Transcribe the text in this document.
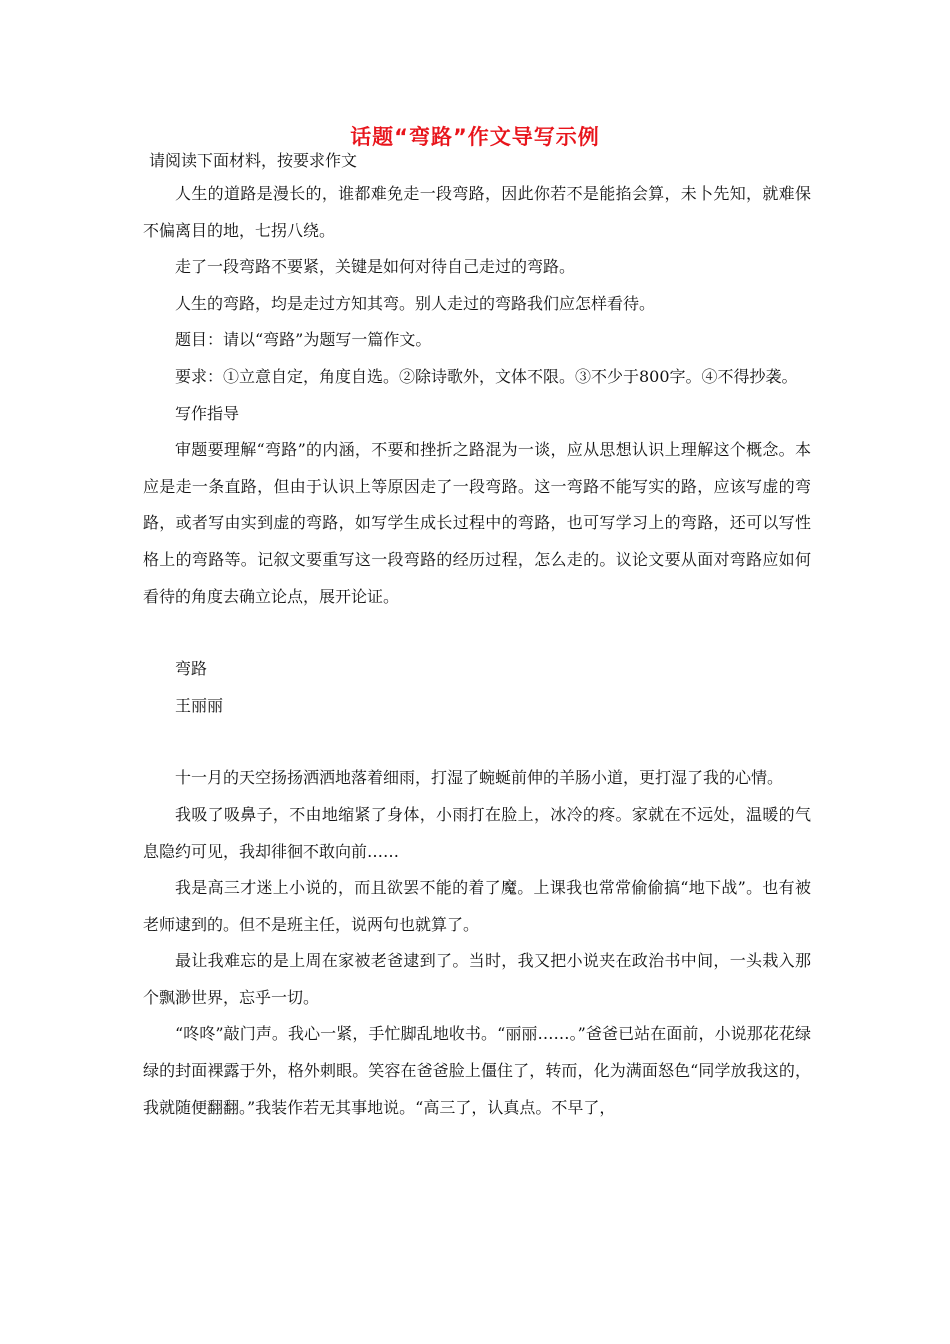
话题“弯路”作文导写示例

请阅读下面材料，按要求作文

人生的道路是漫长的，谁都难免走一段弯路，因此你若不是能掐会算，未卜先知，就难保不偏离目的地，七拐八绕。

走了一段弯路不要紧，关键是如何对待自己走过的弯路。

人生的弯路，均是走过方知其弯。别人走过的弯路我们应怎样看待。

题目：请以“弯路”为题写一篇作文。

要求：①立意自定，角度自选。②除诗歌外，文体不限。③不少于800字。④不得抄袭。

写作指导

审题要理解“弯路”的内涵，不要和挫折之路混为一谈，应从思想认识上理解这个概念。本应是走一条直路，但由于认识上等原因走了一段弯路。这一弯路不能写实的路，应该写虚的弯路，或者写由实到虚的弯路，如写学生成长过程中的弯路，也可写学习上的弯路，还可以写性格上的弯路等。记叙文要重写这一段弯路的经历过程，怎么走的。议论文要从面对弯路应如何看待的角度去确立论点，展开论证。

弯路

王丽丽

十一月的天空扬扬洒洒地落着细雨，打湿了蜿蜒前伸的羊肠小道，更打湿了我的心情。

我吸了吸鼻子，不由地缩紧了身体，小雨打在脸上，冰冷的疼。家就在不远处，温暖的气息隐约可见，我却徘徊不敢向前……

我是高三才迷上小说的，而且欲罢不能的着了魔。上课我也常常偷偷搞“地下战”。也有被老师逮到的。但不是班主任，说两句也就算了。

最让我难忘的是上周在家被老爸逮到了。当时，我又把小说夹在政治书中间，一头栽入那个飘渺世界，忘乎一切。

“咚咚”敲门声。我心一紧，手忙脚乱地收书。“丽丽……。”爸爸已站在面前，小说那花花绿绿的封面裸露于外，格外刺眼。笑容在爸爸脸上僵住了，转而，化为满面怒色“同学放我这的，我就随便翻翻。”我装作若无其事地说。“高三了，认真点。不早了，
